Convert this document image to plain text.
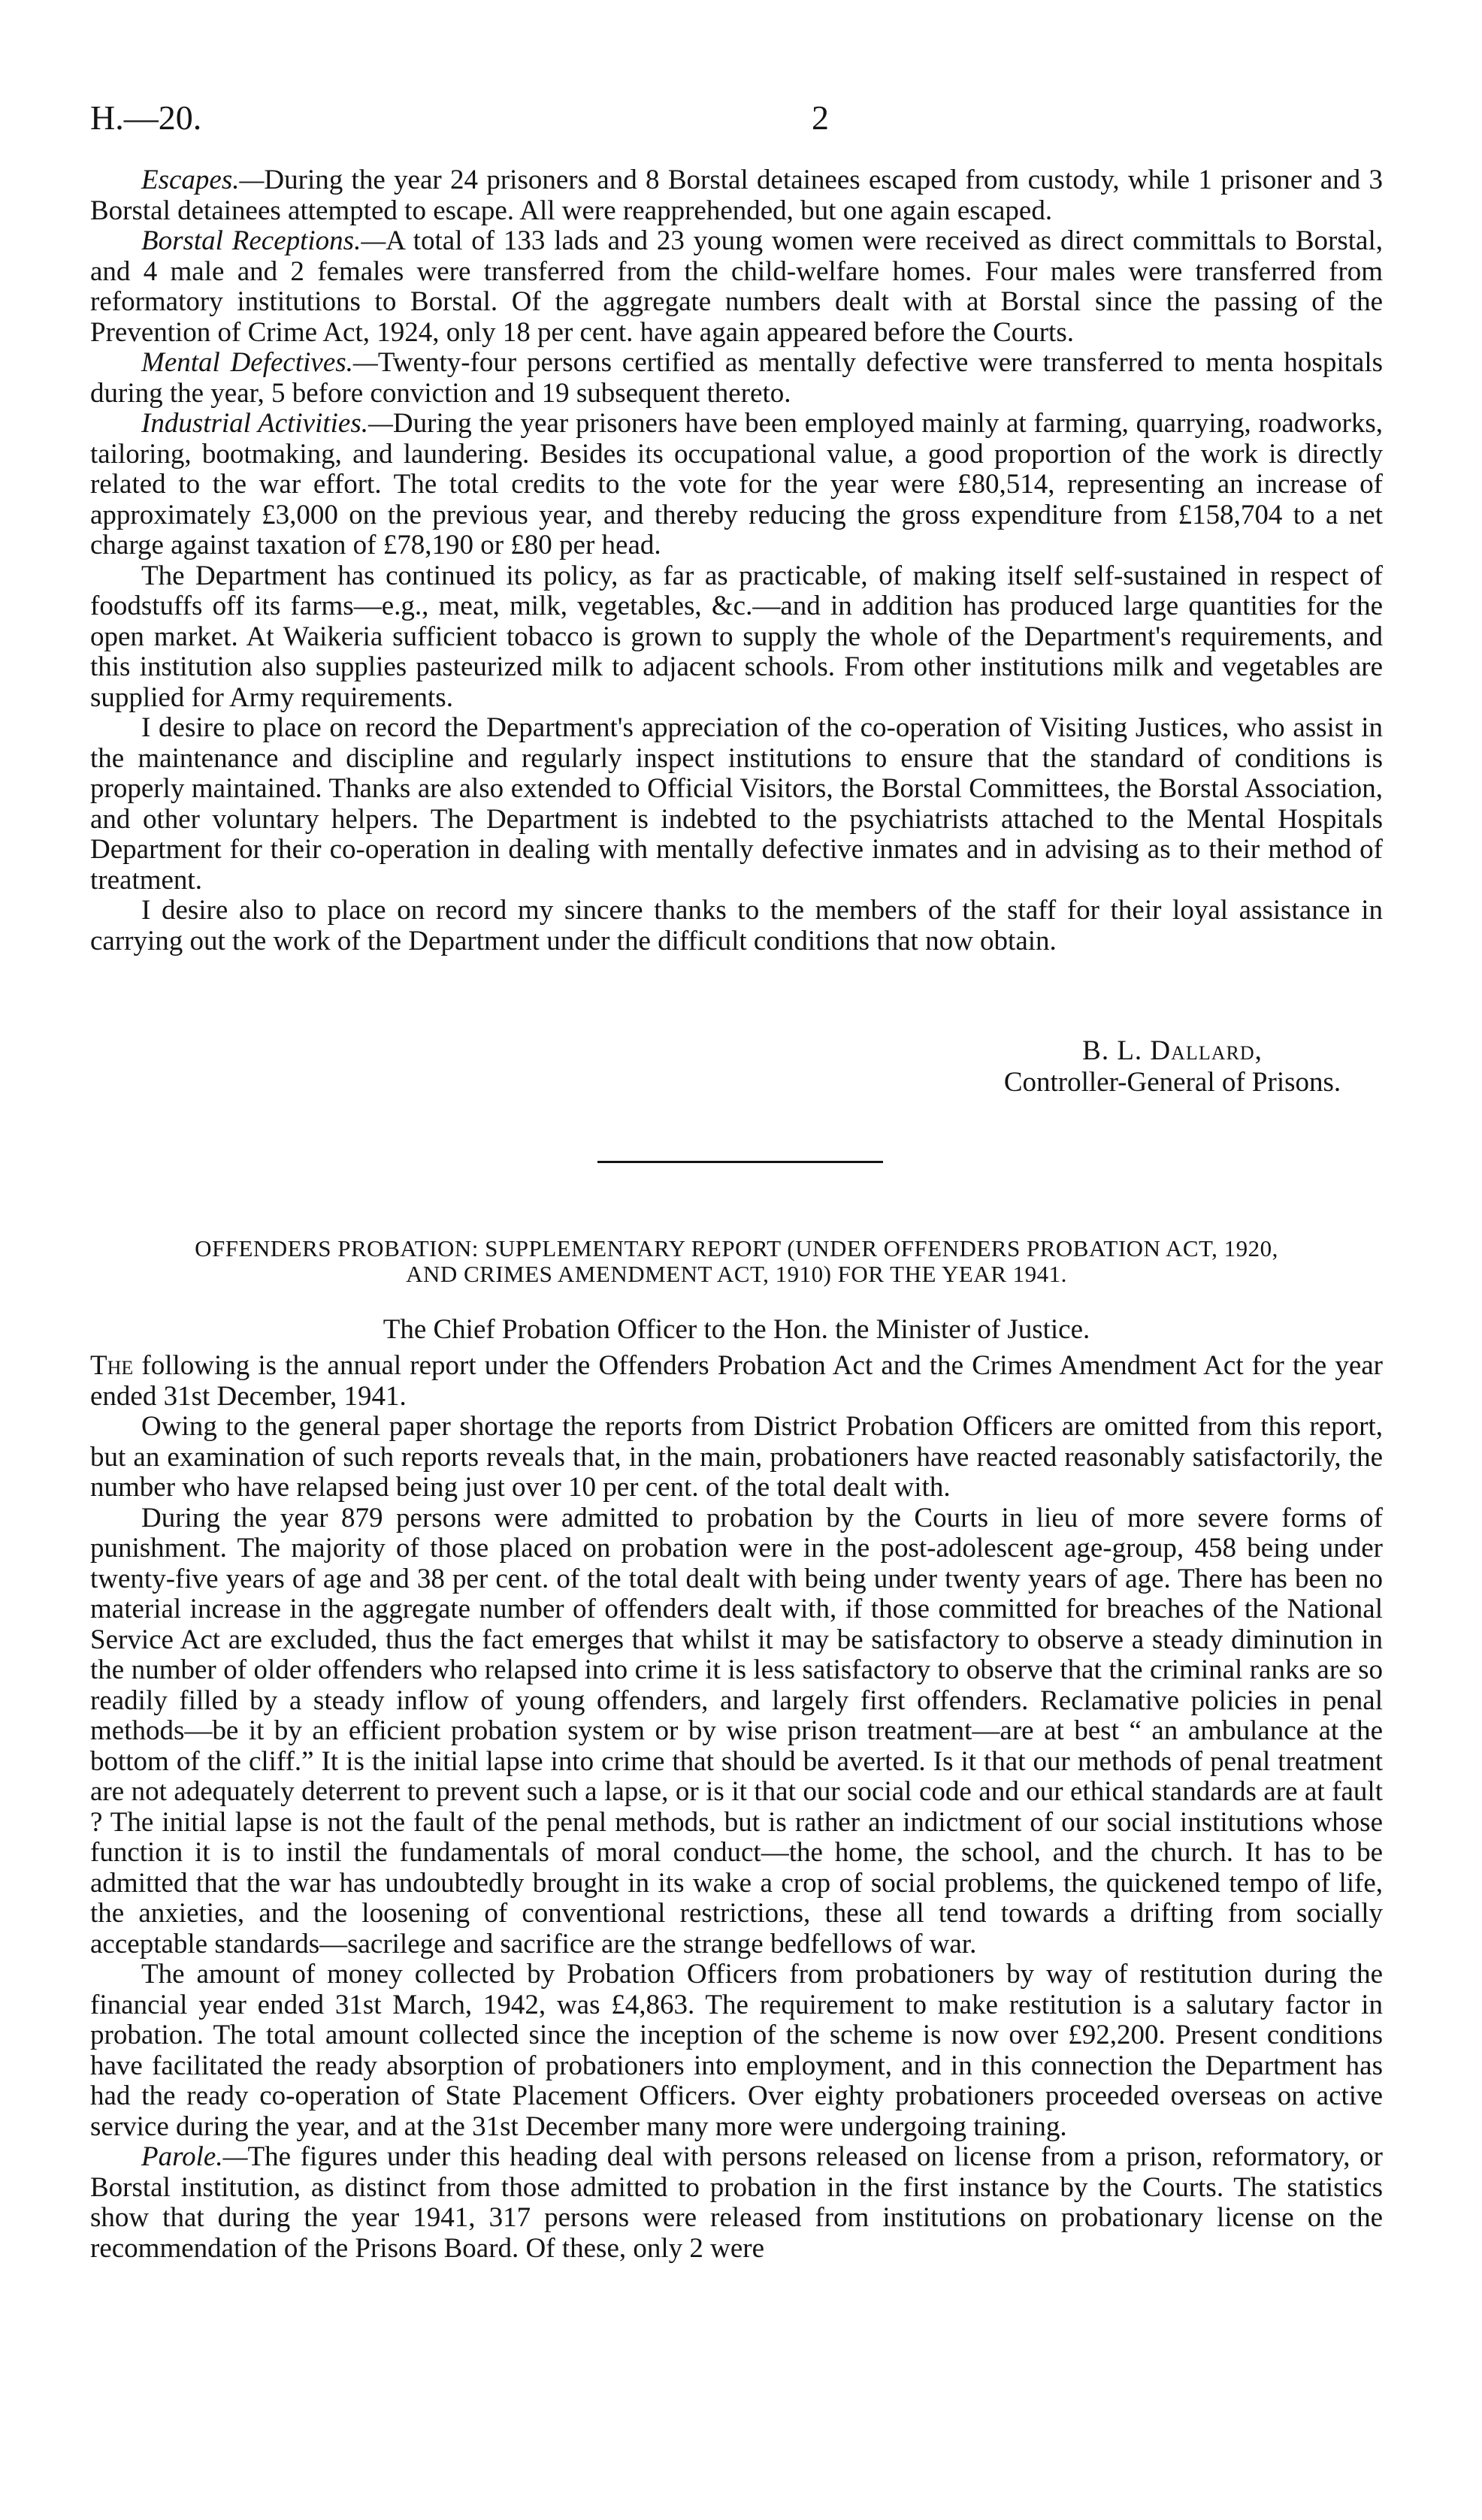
H.—20.	2

Escapes.—During the year 24 prisoners and 8 Borstal detainees escaped from custody, while 1 prisoner and 3 Borstal detainees attempted to escape. All were reapprehended, but one again escaped.

Borstal Receptions.—A total of 133 lads and 23 young women were received as direct committals to Borstal, and 4 male and 2 females were transferred from the child-welfare homes. Four males were transferred from reformatory institutions to Borstal. Of the aggregate numbers dealt with at Borstal since the passing of the Prevention of Crime Act, 1924, only 18 per cent. have again appeared before the Courts.

Mental Defectives.—Twenty-four persons certified as mentally defective were transferred to menta hospitals during the year, 5 before conviction and 19 subsequent thereto.

Industrial Activities.—During the year prisoners have been employed mainly at farming, quarrying, roadworks, tailoring, bootmaking, and laundering. Besides its occupational value, a good proportion of the work is directly related to the war effort. The total credits to the vote for the year were £80,514, representing an increase of approximately £3,000 on the previous year, and thereby reducing the gross expenditure from £158,704 to a net charge against taxation of £78,190 or £80 per head.

The Department has continued its policy, as far as practicable, of making itself self-sustained in respect of foodstuffs off its farms—e.g., meat, milk, vegetables, &c.—and in addition has produced large quantities for the open market. At Waikeria sufficient tobacco is grown to supply the whole of the Department's requirements, and this institution also supplies pasteurized milk to adjacent schools. From other institutions milk and vegetables are supplied for Army requirements.

I desire to place on record the Department's appreciation of the co-operation of Visiting Justices, who assist in the maintenance and discipline and regularly inspect institutions to ensure that the standard of conditions is properly maintained. Thanks are also extended to Official Visitors, the Borstal Committees, the Borstal Association, and other voluntary helpers. The Department is indebted to the psychiatrists attached to the Mental Hospitals Department for their co-operation in dealing with mentally defective inmates and in advising as to their method of treatment.

I desire also to place on record my sincere thanks to the members of the staff for their loyal assistance in carrying out the work of the Department under the difficult conditions that now obtain.

B. L. Dallard,
Controller-General of Prisons.
OFFENDERS PROBATION: SUPPLEMENTARY REPORT (UNDER OFFENDERS PROBATION ACT, 1920,
AND CRIMES AMENDMENT ACT, 1910) FOR THE YEAR 1941.
The Chief Probation Officer to the Hon. the Minister of Justice.

The following is the annual report under the Offenders Probation Act and the Crimes Amendment Act for the year ended 31st December, 1941.

Owing to the general paper shortage the reports from District Probation Officers are omitted from this report, but an examination of such reports reveals that, in the main, probationers have reacted reasonably satisfactorily, the number who have relapsed being just over 10 per cent. of the total dealt with.

During the year 879 persons were admitted to probation by the Courts in lieu of more severe forms of punishment. The majority of those placed on probation were in the post-adolescent age-group, 458 being under twenty-five years of age and 38 per cent. of the total dealt with being under twenty years of age. There has been no material increase in the aggregate number of offenders dealt with, if those committed for breaches of the National Service Act are excluded, thus the fact emerges that whilst it may be satisfactory to observe a steady diminution in the number of older offenders who relapsed into crime it is less satisfactory to observe that the criminal ranks are so readily filled by a steady inflow of young offenders, and largely first offenders. Reclamative policies in penal methods—be it by an efficient probation system or by wise prison treatment—are at best “ an ambulance at the bottom of the cliff.” It is the initial lapse into crime that should be averted. Is it that our methods of penal treatment are not adequately deterrent to prevent such a lapse, or is it that our social code and our ethical standards are at fault ? The initial lapse is not the fault of the penal methods, but is rather an indictment of our social institutions whose function it is to instil the fundamentals of moral conduct—the home, the school, and the church. It has to be admitted that the war has undoubtedly brought in its wake a crop of social problems, the quickened tempo of life, the anxieties, and the loosening of conventional restrictions, these all tend towards a drifting from socially acceptable standards—sacrilege and sacrifice are the strange bedfellows of war.

The amount of money collected by Probation Officers from probationers by way of restitution during the financial year ended 31st March, 1942, was £4,863. The requirement to make restitution is a salutary factor in probation. The total amount collected since the inception of the scheme is now over £92,200. Present conditions have facilitated the ready absorption of probationers into employment, and in this connection the Department has had the ready co-operation of State Placement Officers. Over eighty probationers proceeded overseas on active service during the year, and at the 31st December many more were undergoing training.

Parole.—The figures under this heading deal with persons released on license from a prison, reformatory, or Borstal institution, as distinct from those admitted to probation in the first instance by the Courts. The statistics show that during the year 1941, 317 persons were released from institutions on probationary license on the recommendation of the Prisons Board. Of these, only 2 were
